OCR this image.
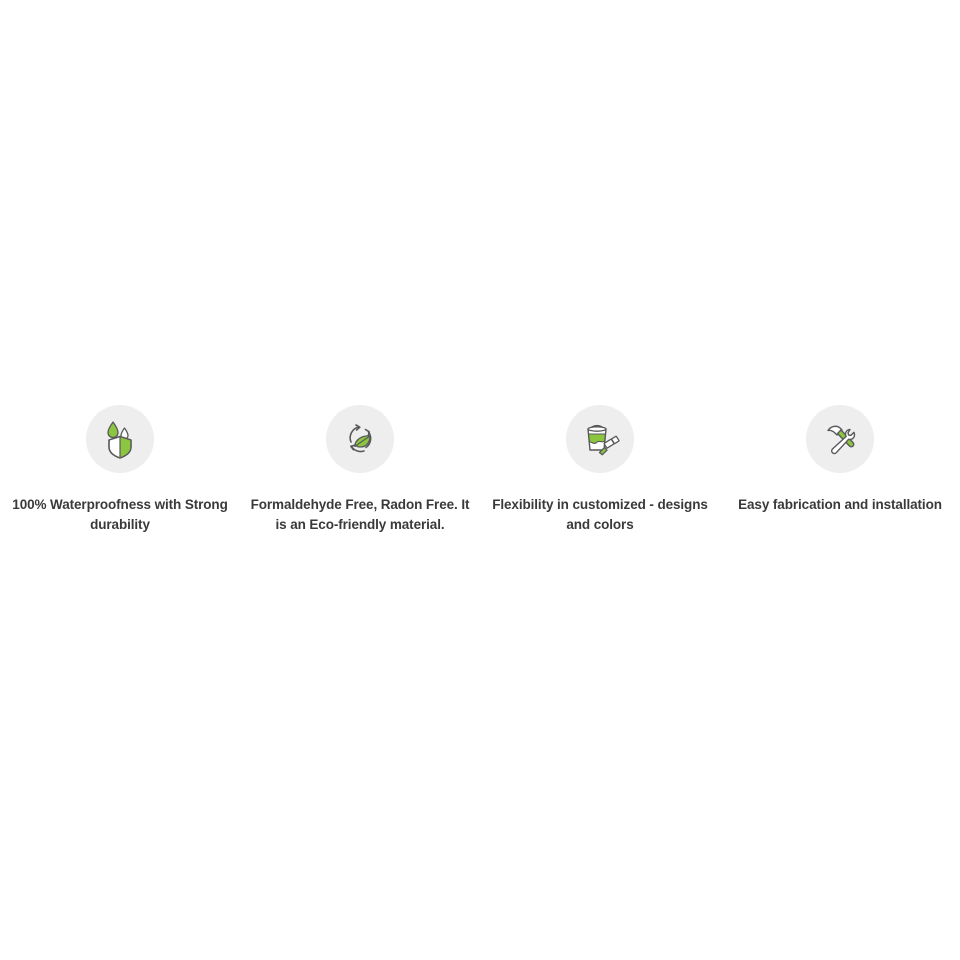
100% Waterproofness with Strong durability
Formaldehyde Free, Radon Free. It is an Eco-friendly material.
Flexibility in customized - designs and colors
Easy fabrication and installation
